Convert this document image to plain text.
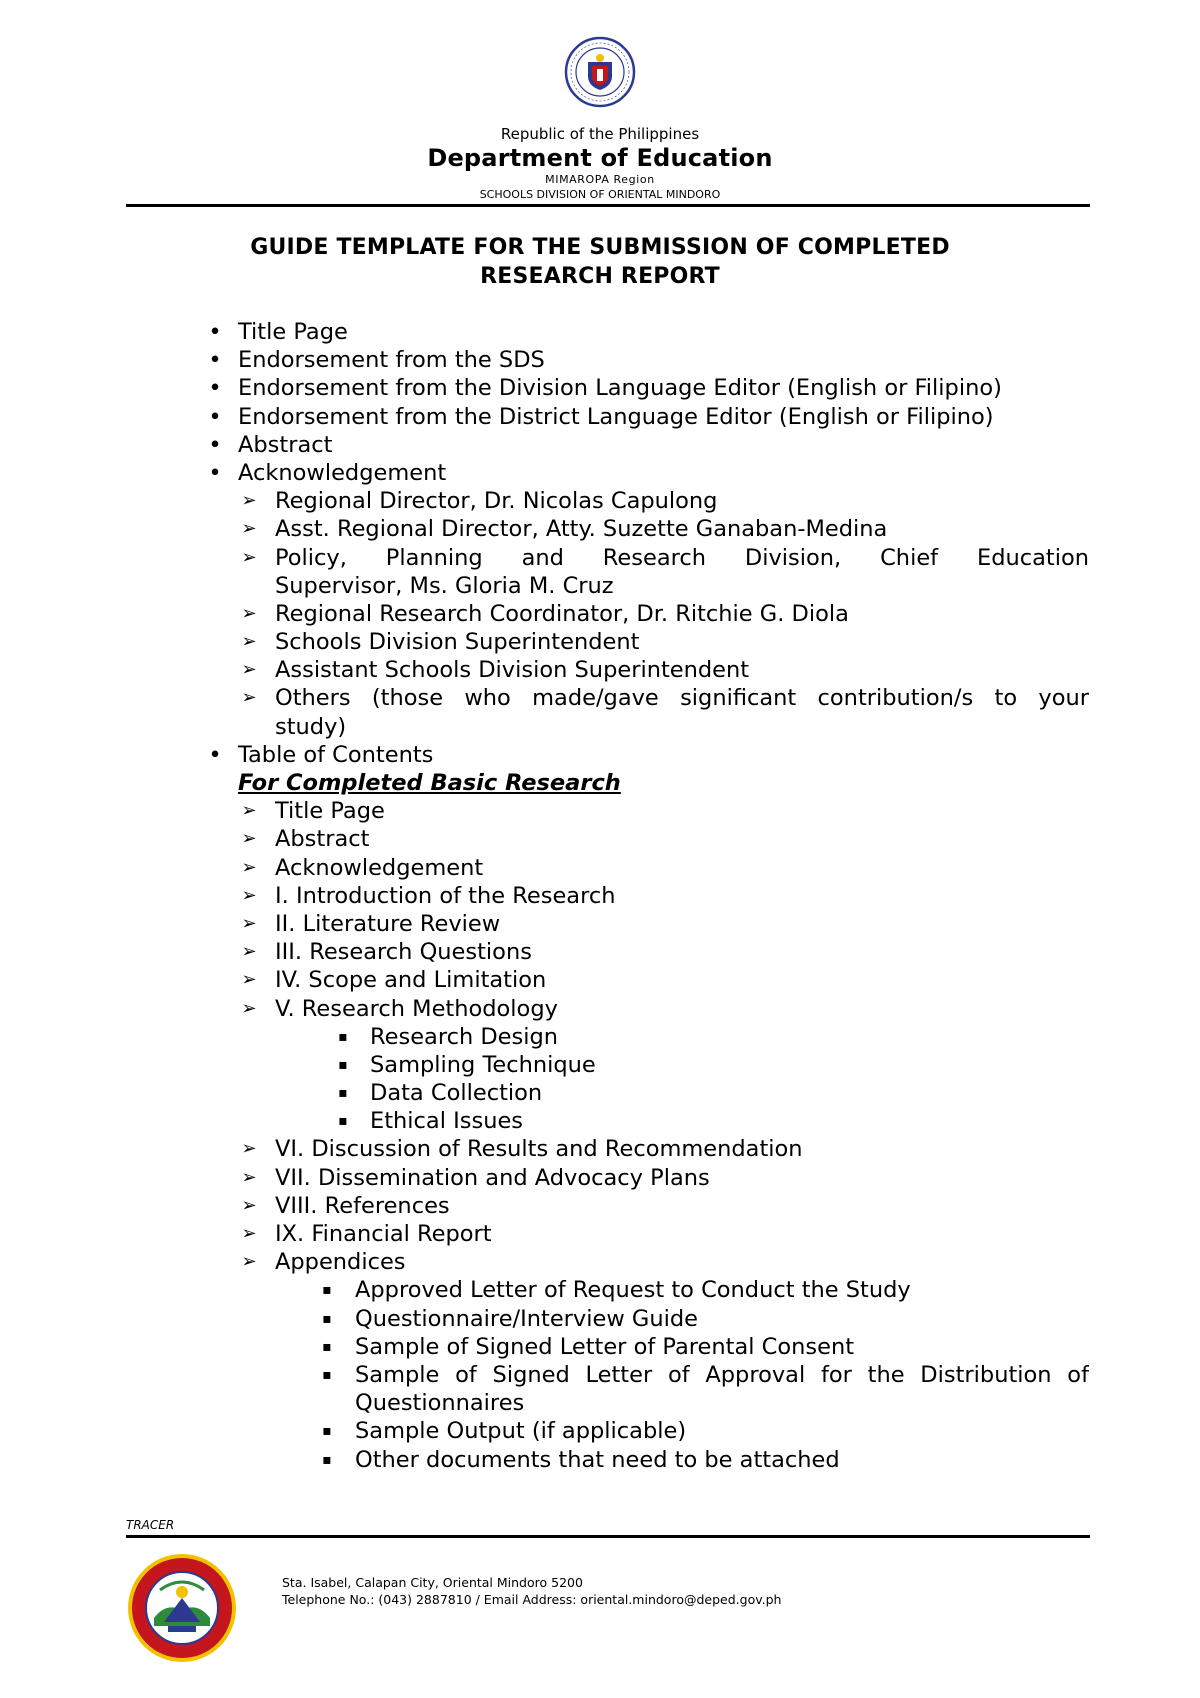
Republic of the Philippines
Department of Education
MIMAROPA Region
SCHOOLS DIVISION OF ORIENTAL MINDORO
GUIDE TEMPLATE FOR THE SUBMISSION OF COMPLETED
RESEARCH REPORT
• Title Page
• Endorsement from the SDS
• Endorsement from the Division Language Editor (English or Filipino)
• Endorsement from the District Language Editor (English or Filipino)
• Abstract
• Acknowledgement
➢ Regional Director, Dr. Nicolas Capulong
➢ Asst. Regional Director, Atty. Suzette Ganaban-Medina
➢ Policy, Planning and Research Division, Chief Education
Supervisor, Ms. Gloria M. Cruz
➢ Regional Research Coordinator, Dr. Ritchie G. Diola
➢ Schools Division Superintendent
➢ Assistant Schools Division Superintendent
➢ Others (those who made/gave significant contribution/s to your
study)
• Table of Contents
For Completed Basic Research
➢ Title Page
➢ Abstract
➢ Acknowledgement
➢ I. Introduction of the Research
➢ II. Literature Review
➢ III. Research Questions
➢ IV. Scope and Limitation
➢ V. Research Methodology
▪ Research Design
▪ Sampling Technique
▪ Data Collection
▪ Ethical Issues
➢ VI. Discussion of Results and Recommendation
➢ VII. Dissemination and Advocacy Plans
➢ VIII. References
➢ IX. Financial Report
➢ Appendices
▪ Approved Letter of Request to Conduct the Study
▪ Questionnaire/Interview Guide
▪ Sample of Signed Letter of Parental Consent
▪ Sample of Signed Letter of Approval for the Distribution of
Questionnaires
▪ Sample Output (if applicable)
▪ Other documents that need to be attached
TRACER
Sta. Isabel, Calapan City, Oriental Mindoro 5200
Telephone No.: (043) 2887810 / Email Address: oriental.mindoro@deped.gov.ph
